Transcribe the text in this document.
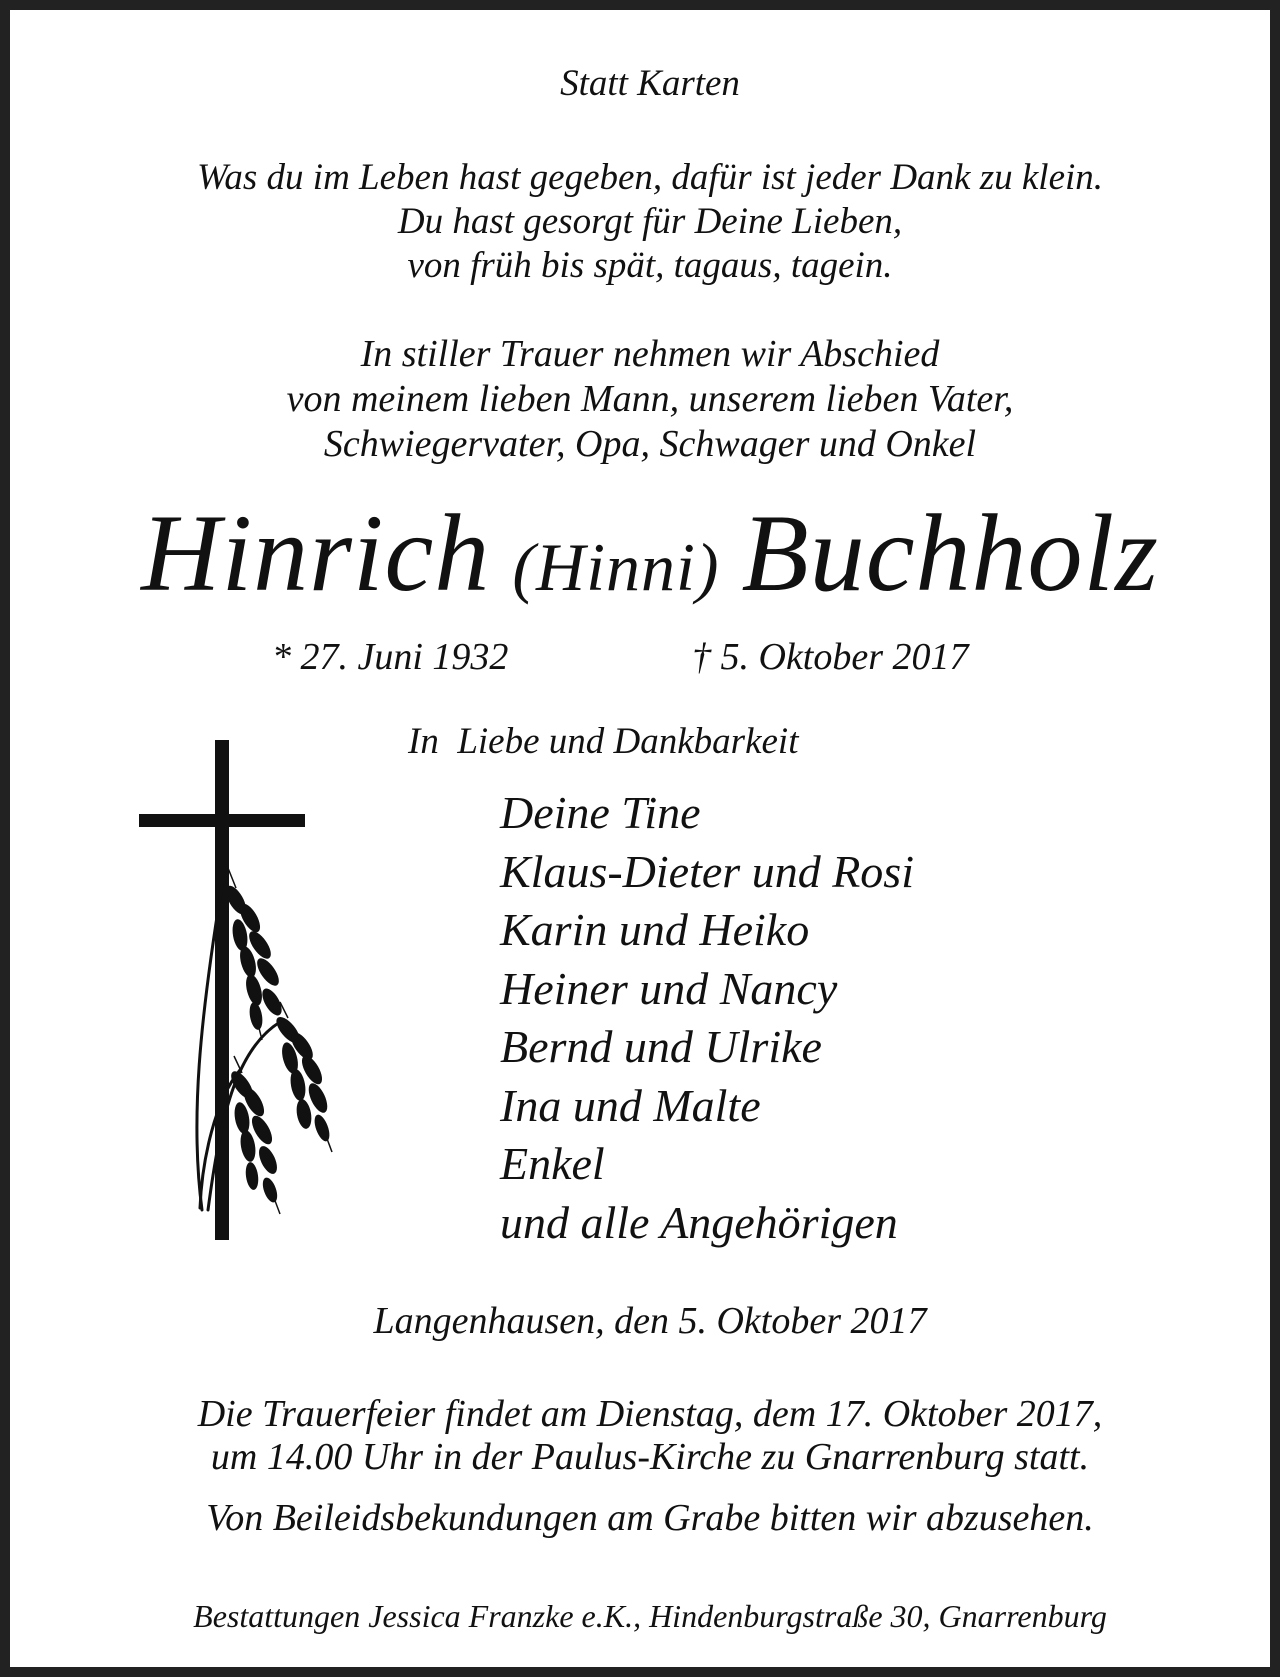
Statt Karten
Was du im Leben hast gegeben, dafür ist jeder Dank zu klein.
Du hast gesorgt für Deine Lieben,
von früh bis spät, tagaus, tagein.
In stiller Trauer nehmen wir Abschied
von meinem lieben Mann, unserem lieben Vater,
Schwiegervater, Opa, Schwager und Onkel
Hinrich (Hinni) Buchholz
* 27. Juni 1932	† 5. Oktober 2017
In  Liebe und Dankbarkeit
Deine Tine
Klaus-Dieter und Rosi
Karin und Heiko
Heiner und Nancy
Bernd und Ulrike
Ina und Malte
Enkel
und alle Angehörigen
Langenhausen, den 5. Oktober 2017
Die Trauerfeier findet am Dienstag, dem 17. Oktober 2017,
um 14.00 Uhr in der Paulus-Kirche zu Gnarrenburg statt.
Von Beileidsbekundungen am Grabe bitten wir abzusehen.
Bestattungen Jessica Franzke e.K., Hindenburgstraße 30, Gnarrenburg
